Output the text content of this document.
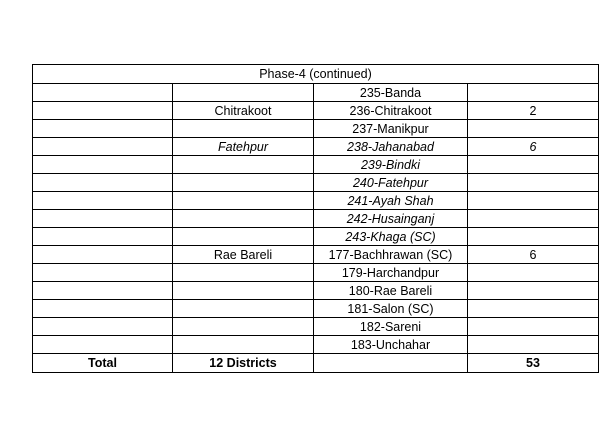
Phase-4 (continued)			
		235-Banda	
	Chitrakoot	236-Chitrakoot	2
		237-Manikpur	
	Fatehpur	238-Jahanabad	6
		239-Bindki	
		240-Fatehpur	
		241-Ayah Shah	
		242-Husainganj	
		243-Khaga (SC)	
	Rae Bareli	177-Bachhrawan (SC)	6
		179-Harchandpur	
		180-Rae Bareli	
		181-Salon (SC)	
		182-Sareni	
		183-Unchahar	
Total	12 Districts		53
